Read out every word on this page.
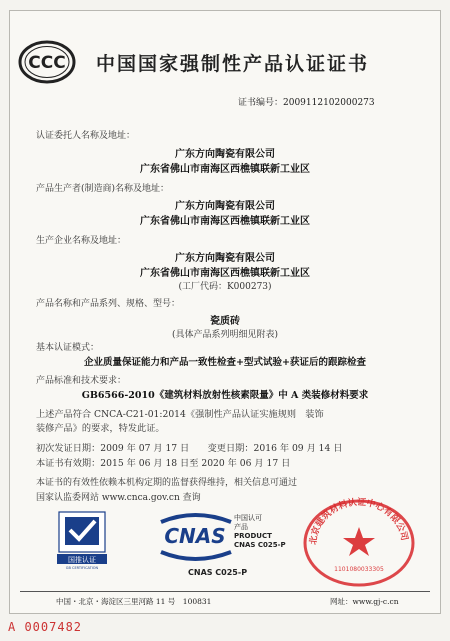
CCC 中国国家强制性产品认证证书
证书编号：2009112102000273
认证委托人名称及地址：
广东方向陶瓷有限公司
广东省佛山市南海区西樵镇联新工业区
产品生产者(制造商)名称及地址：
广东方向陶瓷有限公司
广东省佛山市南海区西樵镇联新工业区
生产企业名称及地址：
广东方向陶瓷有限公司
广东省佛山市南海区西樵镇联新工业区
(工厂代码：K000273)
产品名称和产品系列、规格、型号：
瓷质砖
(具体产品系列明细见附表)
基本认证模式：
企业质量保证能力和产品一致性检查+型式试验+获证后的跟踪检查
产品标准和技术要求：
GB6566-2010《建筑材料放射性核素限量》中 A 类装修材料要求
上述产品符合 CNCA-C21-01:2014《强制性产品认证实施规则　装饰
装修产品》的要求，特发此证。
初次发证日期：2009 年 07 月 17 日　　变更日期：2016 年 09 月 14 日
本证书有效期：2015 年 06 月 18 日至 2020 年 06 月 17 日
本证书的有效性依赖本机构定期的监督获得维持，相关信息可通过
国家认监委网站 www.cnca.gov.cn 查询
国推认证
GB CERTIFICATION
CNAS
中国认可
产品
PRODUCT
CNAS C025-P
CNAS C025-P
北京建筑材料认证中心有限公司
1101080033305
中国・北京・海淀区三里河路 11 号　100831	网址：www.gj-c.cn
A 0007482
